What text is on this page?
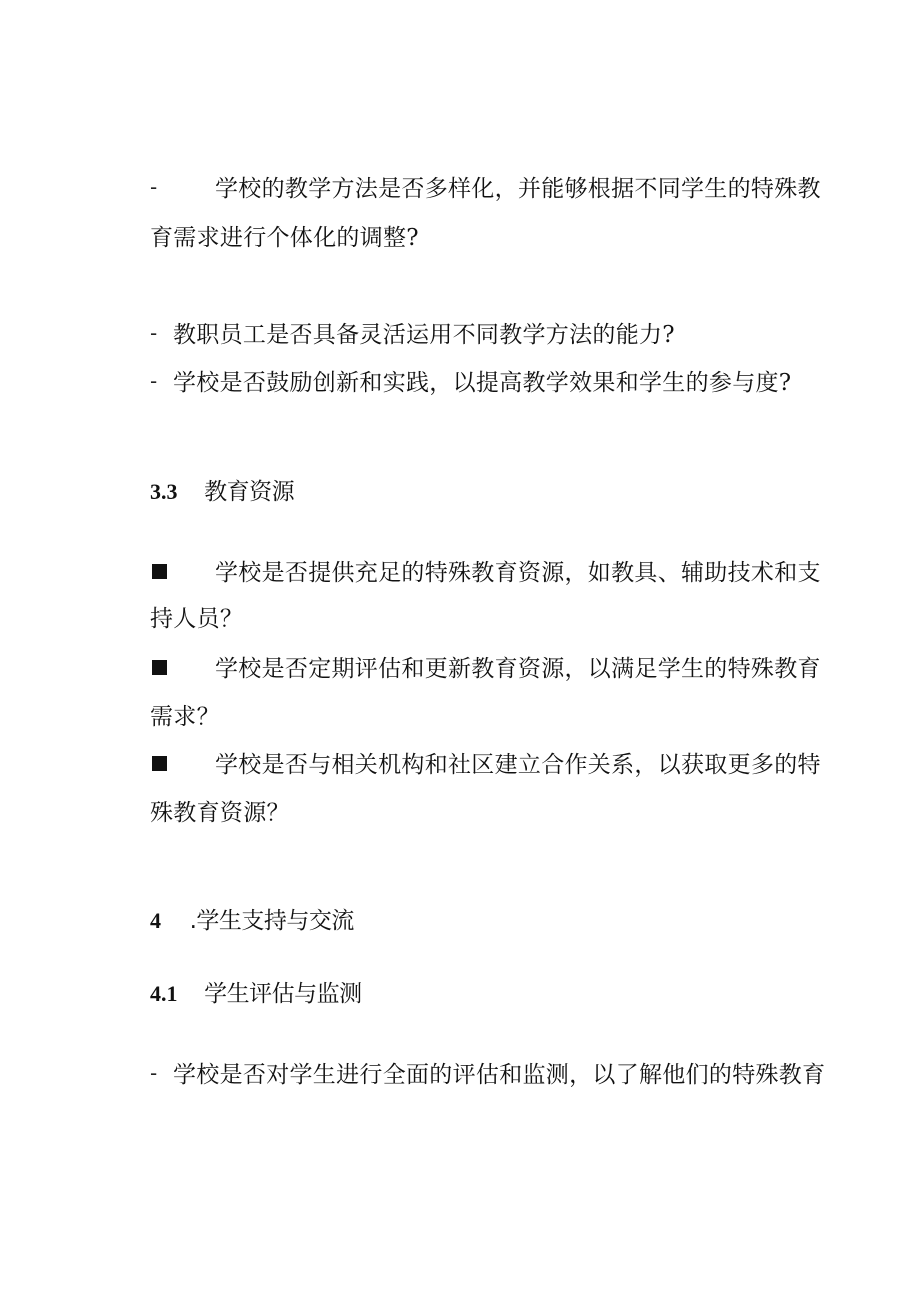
-	学校的教学方法是否多样化，并能够根据不同学生的特殊教
育需求进行个体化的调整?
- 教职员工是否具备灵活运用不同教学方法的能力?
- 学校是否鼓励创新和实践，以提高教学效果和学生的参与度?
3.3 教育资源
学校是否提供充足的特殊教育资源，如教具、辅助技术和支
持人员？
学校是否定期评估和更新教育资源，以满足学生的特殊教育
需求？
学校是否与相关机构和社区建立合作关系，以获取更多的特
殊教育资源？
4 .学生支持与交流
4.1 学生评估与监测
- 学校是否对学生进行全面的评估和监测，以了解他们的特殊教育
